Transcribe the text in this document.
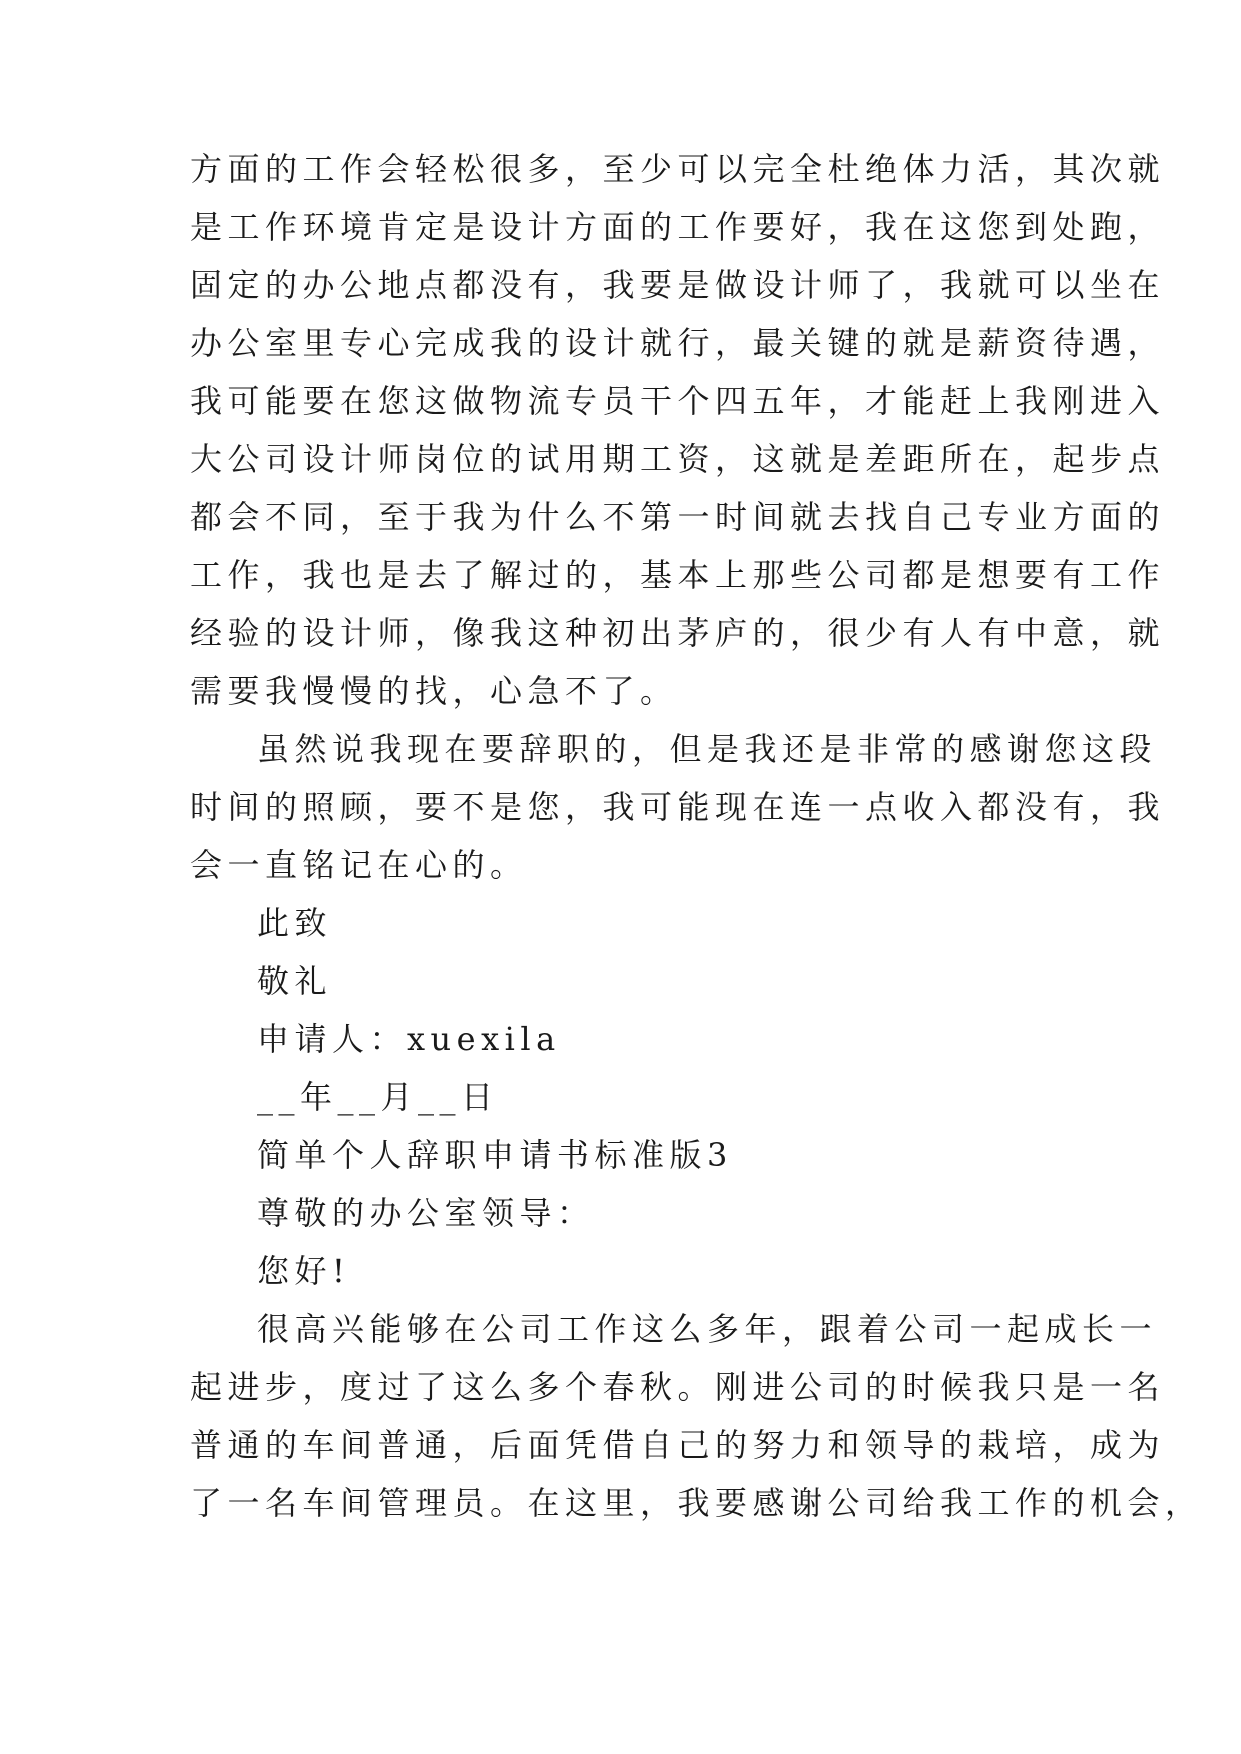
方面的工作会轻松很多，至少可以完全杜绝体力活，其次就
是工作环境肯定是设计方面的工作要好，我在这您到处跑，
固定的办公地点都没有，我要是做设计师了，我就可以坐在
办公室里专心完成我的设计就行，最关键的就是薪资待遇，
我可能要在您这做物流专员干个四五年，才能赶上我刚进入
大公司设计师岗位的试用期工资，这就是差距所在，起步点
都会不同，至于我为什么不第一时间就去找自己专业方面的
工作，我也是去了解过的，基本上那些公司都是想要有工作
经验的设计师，像我这种初出茅庐的，很少有人有中意，就
需要我慢慢的找，心急不了。
虽然说我现在要辞职的，但是我还是非常的感谢您这段
时间的照顾，要不是您，我可能现在连一点收入都没有，我
会一直铭记在心的。
此致
敬礼
申请人：xuexila
__年__月__日
简单个人辞职申请书标准版3
尊敬的办公室领导：
您好!
很高兴能够在公司工作这么多年，跟着公司一起成长一
起进步，度过了这么多个春秋。刚进公司的时候我只是一名
普通的车间普通，后面凭借自己的努力和领导的栽培，成为
了一名车间管理员。在这里，我要感谢公司给我工作的机会，
